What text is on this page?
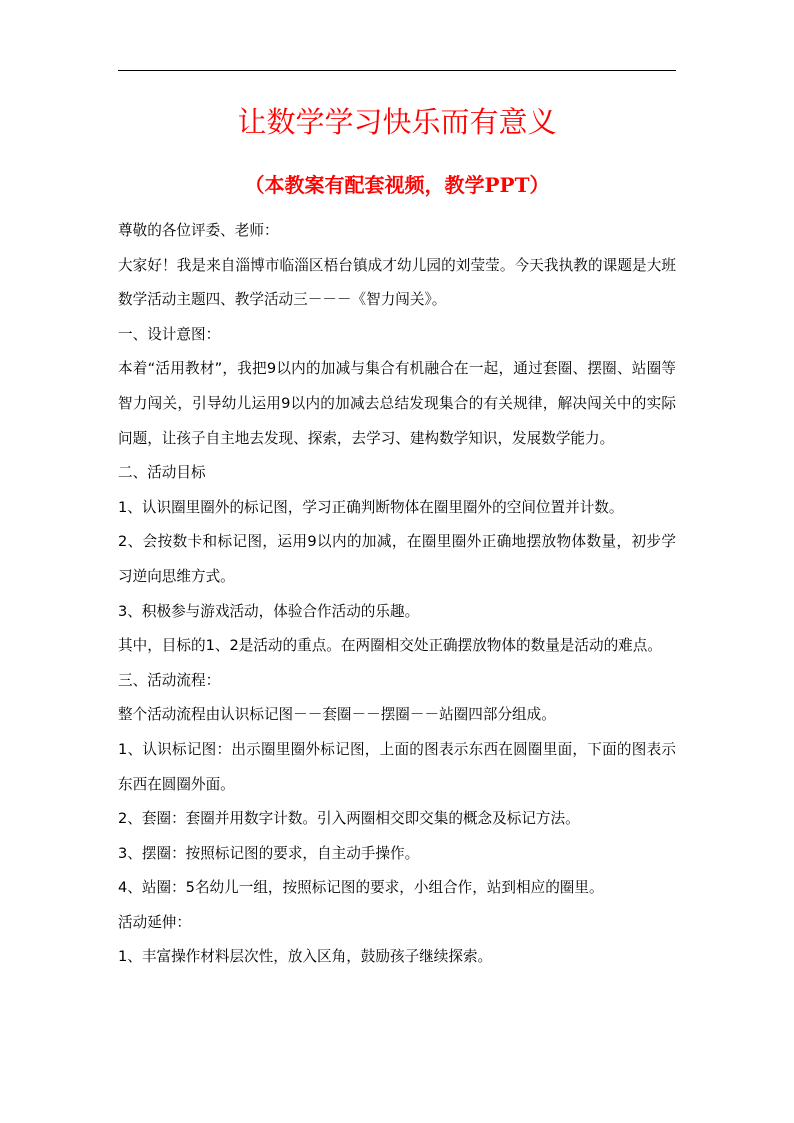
让数学学习快乐而有意义
（本教案有配套视频，教学PPT）

尊敬的各位评委、老师：

大家好！我是来自淄博市临淄区梧台镇成才幼儿园的刘莹莹。今天我执教的课题是大班数学活动主题四、教学活动三－－－《智力闯关》。

一、设计意图：

本着“活用教材”，我把9以内的加减与集合有机融合在一起，通过套圈、摆圈、站圈等智力闯关，引导幼儿运用9以内的加减去总结发现集合的有关规律，解决闯关中的实际问题，让孩子自主地去发现、探索，去学习、建构数学知识，发展数学能力。

二、活动目标

1、认识圈里圈外的标记图，学习正确判断物体在圈里圈外的空间位置并计数。

2、会按数卡和标记图，运用9以内的加减，在圈里圈外正确地摆放物体数量，初步学习逆向思维方式。

3、积极参与游戏活动，体验合作活动的乐趣。

其中，目标的1、2是活动的重点。在两圈相交处正确摆放物体的数量是活动的难点。

三、活动流程：

整个活动流程由认识标记图－－套圈－－摆圈－－站圈四部分组成。

1、认识标记图：出示圈里圈外标记图，上面的图表示东西在圆圈里面，下面的图表示东西在圆圈外面。

2、套圈：套圈并用数字计数。引入两圈相交即交集的概念及标记方法。

3、摆圈：按照标记图的要求，自主动手操作。

4、站圈：5名幼儿一组，按照标记图的要求，小组合作，站到相应的圈里。

活动延伸：

1、丰富操作材料层次性，放入区角，鼓励孩子继续探索。
